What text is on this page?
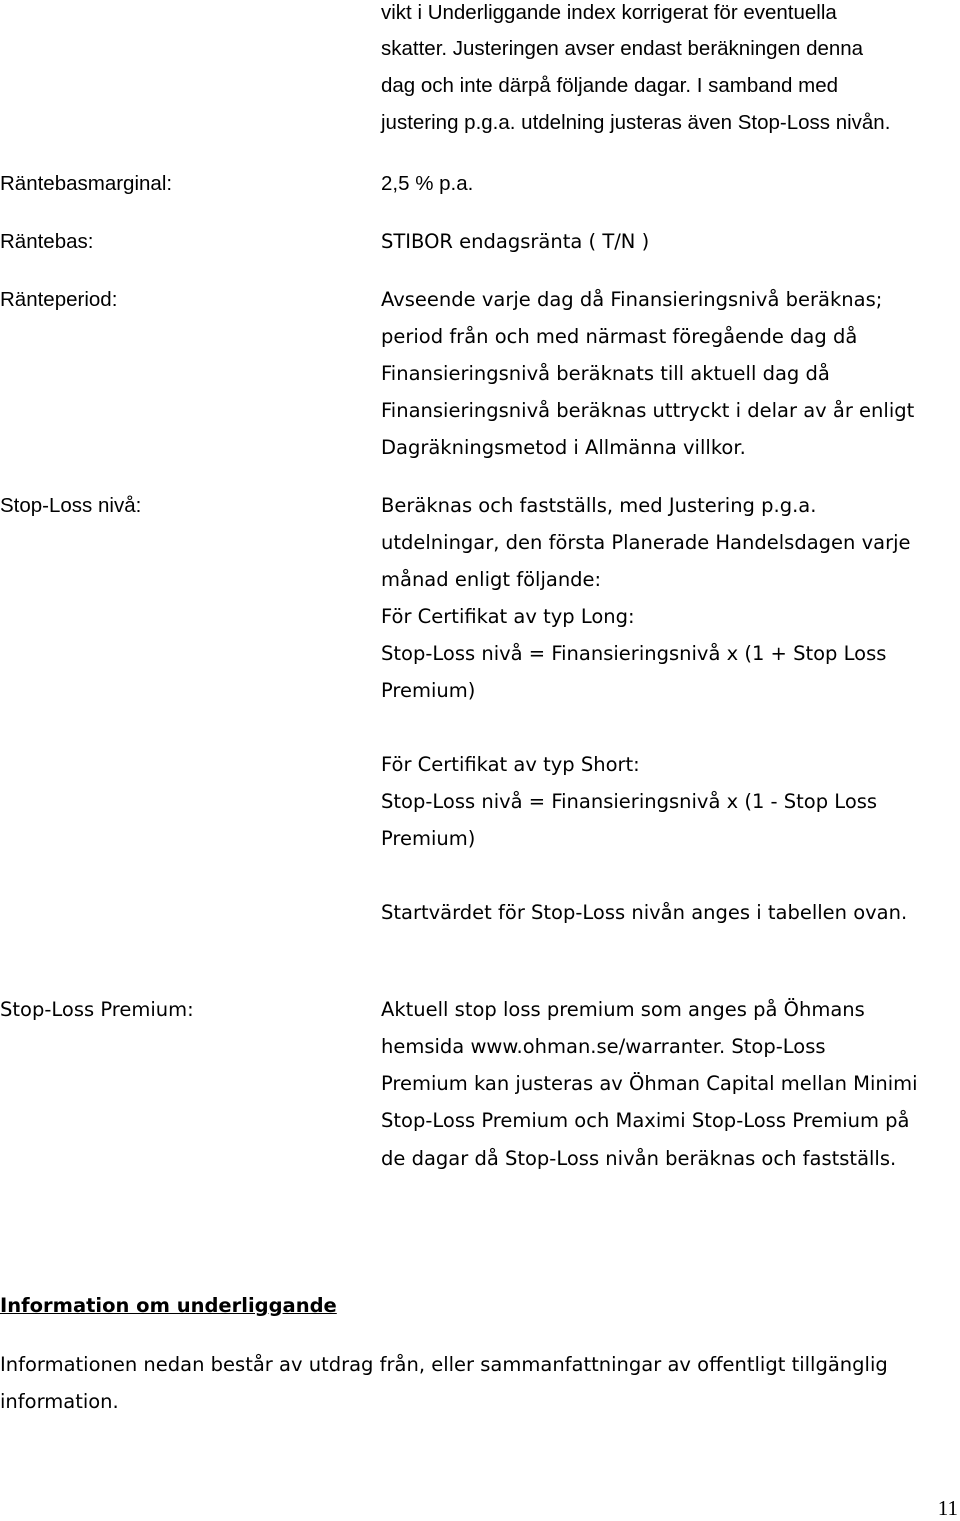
vikt i Underliggande index korrigerat för eventuella
skatter. Justeringen avser endast beräkningen denna
dag och inte därpå följande dagar. I samband med
justering p.g.a. utdelning justeras även Stop-Loss nivån.
Räntebasmarginal:	2,5 % p.a.
Räntebas:	STIBOR endagsränta ( T/N )
Ränteperiod:	Avseende varje dag då Finansieringsnivå beräknas;
period från och med närmast föregående dag då
Finansieringsnivå beräknats till aktuell dag då
Finansieringsnivå beräknas uttryckt i delar av år enligt
Dagräkningsmetod i Allmänna villkor.
Stop-Loss nivå:	Beräknas och fastställs, med Justering p.g.a.
utdelningar, den första Planerade Handelsdagen varje
månad enligt följande:
För Certifikat av typ Long:
Stop-Loss nivå = Finansieringsnivå x (1 + Stop Loss
Premium)
För Certifikat av typ Short:
Stop-Loss nivå = Finansieringsnivå x (1 - Stop Loss
Premium)
Startvärdet för Stop-Loss nivån anges i tabellen ovan.
Stop-Loss Premium:	Aktuell stop loss premium som anges på Öhmans
hemsida www.ohman.se/warranter. Stop-Loss
Premium kan justeras av Öhman Capital mellan Minimi
Stop-Loss Premium och Maximi Stop-Loss Premium på
de dagar då Stop-Loss nivån beräknas och fastställs.
Information om underliggande
Informationen nedan består av utdrag från, eller sammanfattningar av offentligt tillgänglig
information.
11
